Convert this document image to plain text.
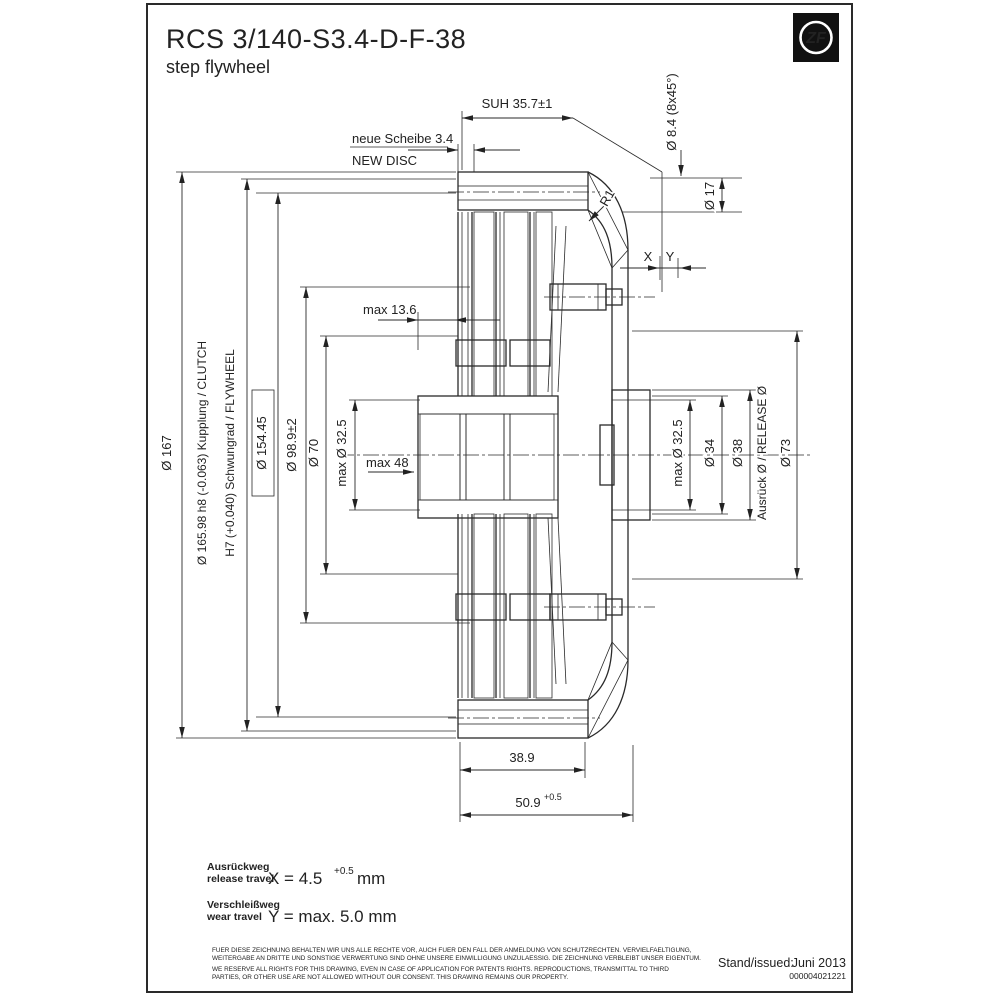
RCS 3/140-S3.4-D-F-38
step flywheel
ZF
SUH 35.7±1
neue Scheibe 3.4
NEW DISC
Ø 8.4 (8x45°)
Ø 17
R1
X Y
Ø 167 Ø 165.98 h8 (-0.063) Kupplung / CLUTCH H7 (+0.040) Schwungrad / FLYWHEEL Ø 154.45 Ø 98.9±2 Ø 70 max Ø 32.5
max 13.6
max 48	max Ø 32.5 Ø 34 Ø 38 Ausrück Ø / RELEASE Ø Ø 73
38.9
50.9 +0.5
Ausrückweg
release travel
X = 4.5 +0.5 mm
Verschleißweg
wear travel Y = max. 5.0 mm
FUER DIESE ZEICHNUNG BEHALTEN WIR UNS ALLE RECHTE VOR, AUCH FUER DEN FALL DER ANMELDUNG VON SCHUTZRECHTEN. VERVIELFAELTIGUNG,
WEITERGABE AN DRITTE UND SONSTIGE VERWERTUNG SIND OHNE UNSERE EINWILLIGUNG UNZULAESSIG. DIE ZEICHNUNG VERBLEIBT UNSER EIGENTUM.
WE RESERVE ALL RIGHTS FOR THIS DRAWING, EVEN IN CASE OF APPLICATION FOR PATENTS RIGHTS. REPRODUCTIONS, TRANSMITTAL TO THIRD
PARTIES, OR OTHER USE ARE NOT ALLOWED WITHOUT OUR CONSENT. THIS DRAWING REMAINS OUR PROPERTY.
Stand/issued:
Juni 2013
000004021221
